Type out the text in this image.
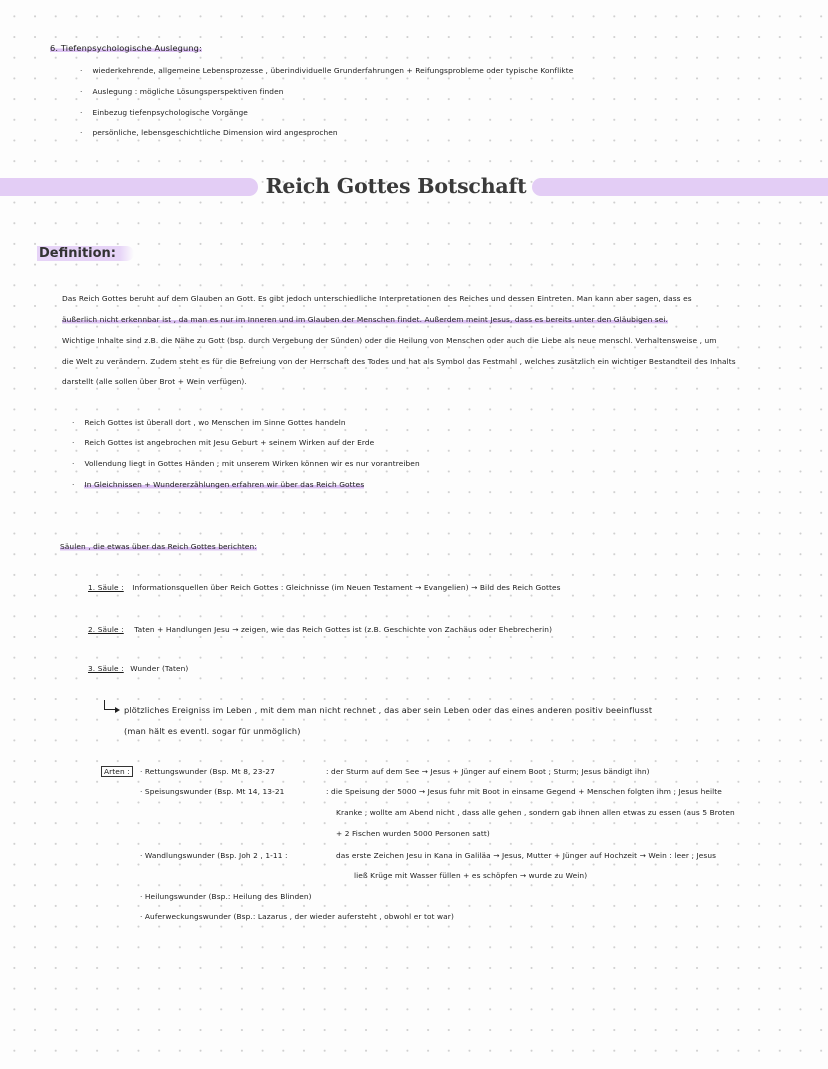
6. Tiefenpsychologische Auslegung:
· wiederkehrende, allgemeine Lebensprozesse , überindividuelle Grunderfahrungen + Reifungsprobleme oder typische Konflikte
· Auslegung : mögliche Lösungsperspektiven finden
· Einbezug tiefenpsychologische Vorgänge
· persönliche, lebensgeschichtliche Dimension wird angesprochen
Reich Gottes Botschaft
Definition:
Das Reich Gottes beruht auf dem Glauben an Gott. Es gibt jedoch unterschiedliche Interpretationen des Reiches und dessen Eintreten. Man kann aber sagen, dass es
äußerlich nicht erkennbar ist , da man es nur im Inneren und im Glauben der Menschen findet. Außerdem meint Jesus, dass es bereits unter den Gläubigen sei.
Wichtige Inhalte sind z.B. die Nähe zu Gott (bsp. durch Vergebung der Sünden) oder die Heilung von Menschen oder auch die Liebe als neue menschl. Verhaltensweise , um
die Welt zu verändern. Zudem steht es für die Befreiung von der Herrschaft des Todes und hat als Symbol das Festmahl , welches zusätzlich ein wichtiger Bestandteil des Inhalts
darstellt (alle sollen über Brot + Wein verfügen).
· Reich Gottes ist überall dort , wo Menschen im Sinne Gottes handeln
· Reich Gottes ist angebrochen mit Jesu Geburt + seinem Wirken auf der Erde
· Vollendung liegt in Gottes Händen ; mit unserem Wirken können wir es nur vorantreiben
· In Gleichnissen + Wundererzählungen erfahren wir über das Reich Gottes
Säulen , die etwas über das Reich Gottes berichten:
1. Säule : Informationsquellen über Reich Gottes : Gleichnisse (im Neuen Testament → Evangelien) → Bild des Reich Gottes
2. Säule : Taten + Handlungen Jesu → zeigen, wie das Reich Gottes ist (z.B. Geschichte von Zachäus oder Ehebrecherin)
3. Säule : Wunder (Taten)
plötzliches Ereigniss im Leben , mit dem man nicht rechnet , das aber sein Leben oder das eines anderen positiv beeinflusst
(man hält es eventl. sogar für unmöglich)
Arten :	· Rettungswunder (Bsp. Mt 8, 23-27	: der Sturm auf dem See → Jesus + Jünger auf einem Boot ; Sturm; Jesus bändigt ihn)
· Speisungswunder (Bsp. Mt 14, 13-21	: die Speisung der 5000 → Jesus fuhr mit Boot in einsame Gegend + Menschen folgten ihm ; Jesus heilte
Kranke ; wollte am Abend nicht , dass alle gehen , sondern gab ihnen allen etwas zu essen (aus 5 Broten
+ 2 Fischen wurden 5000 Personen satt)
· Wandlungswunder (Bsp. Joh 2 , 1-11 :	das erste Zeichen Jesu in Kana in Galiläa → Jesus, Mutter + Jünger auf Hochzeit → Wein : leer ; Jesus
ließ Krüge mit Wasser füllen + es schöpfen → wurde zu Wein)
· Heilungswunder (Bsp.: Heilung des Blinden)
· Auferweckungswunder (Bsp.: Lazarus , der wieder aufersteht , obwohl er tot war)
